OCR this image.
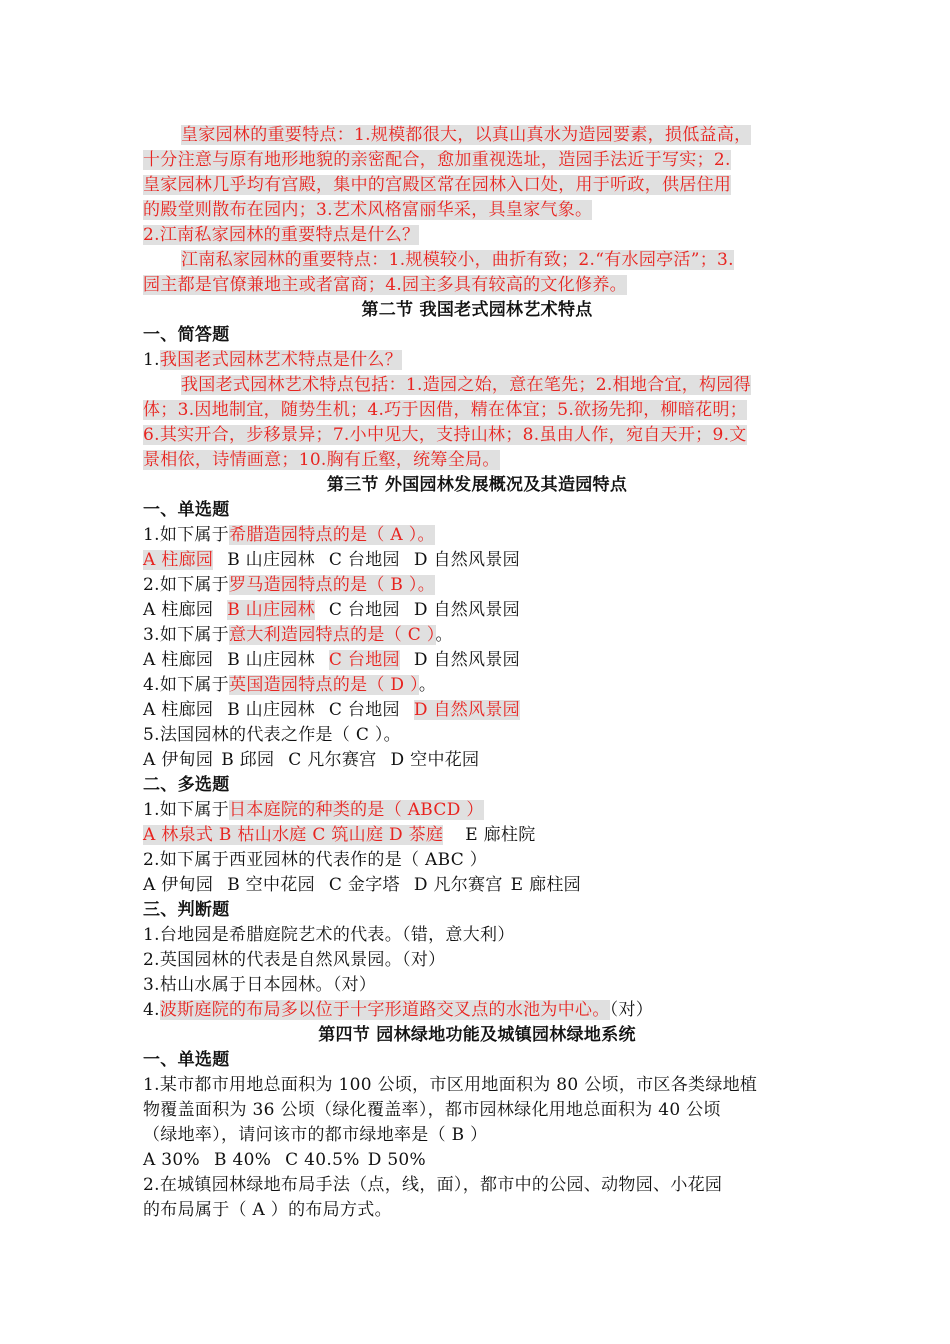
皇家园林的重要特点：1.规模都很大，以真山真水为造园要素，损低益高，
十分注意与原有地形地貌的亲密配合，愈加重视选址，造园手法近于写实；2.
皇家园林几乎均有宫殿，集中的宫殿区常在园林入口处，用于听政，供居住用
的殿堂则散布在园内；3.艺术风格富丽华采，具皇家气象。
2.江南私家园林的重要特点是什么？
江南私家园林的重要特点：1.规模较小，曲折有致；2.“有水园亭活”；3.
园主都是官僚兼地主或者富商；4.园主多具有较高的文化修养。
第二节 我国老式园林艺术特点
一、简答题
1.我国老式园林艺术特点是什么？
我国老式园林艺术特点包括：1.造园之始，意在笔先；2.相地合宜，构园得
体；3.因地制宜，随势生机；4.巧于因借，精在体宜；5.欲扬先抑，柳暗花明；
6.其实开合，步移景异；7.小中见大，支持山林；8.虽由人作，宛自天开；9.文
景相依，诗情画意；10.胸有丘壑，统筹全局。
第三节 外国园林发展概况及其造园特点
一、单选题
1.如下属于希腊造园特点的是（ A ）。
A 柱廊园 B 山庄园林 C 台地园 D 自然风景园
2.如下属于罗马造园特点的是（ B ）。
A 柱廊园 B 山庄园林 C 台地园 D 自然风景园
3.如下属于意大利造园特点的是（ C ）。
A 柱廊园 B 山庄园林 C 台地园 D 自然风景园
4.如下属于英国造园特点的是（ D ）。
A 柱廊园 B 山庄园林 C 台地园 D 自然风景园
5.法国园林的代表之作是（ C ）。
A 伊甸园 B 邱园 C 凡尔赛宫 D 空中花园
二、多选题
1.如下属于日本庭院的种类的是（ ABCD ）
A 林泉式 B 枯山水庭 C 筑山庭 D 茶庭 E 廊柱院
2.如下属于西亚园林的代表作的是（ ABC ）
A 伊甸园 B 空中花园 C 金字塔 D 凡尔赛宫 E 廊柱园
三、判断题
1.台地园是希腊庭院艺术的代表。（错，意大利）
2.英国园林的代表是自然风景园。（对）
3.枯山水属于日本园林。（对）
4.波斯庭院的布局多以位于十字形道路交叉点的水池为中心。（对）
第四节 园林绿地功能及城镇园林绿地系统
一、单选题
1.某市都市用地总面积为 100 公顷，市区用地面积为 80 公顷，市区各类绿地植
物覆盖面积为 36 公顷（绿化覆盖率），都市园林绿化用地总面积为 40 公顷
（绿地率），请问该市的都市绿地率是（ B ）
A 30% B 40% C 40.5% D 50%
2.在城镇园林绿地布局手法（点，线，面），都市中的公园、动物园、小花园
的布局属于（ A ）的布局方式。
